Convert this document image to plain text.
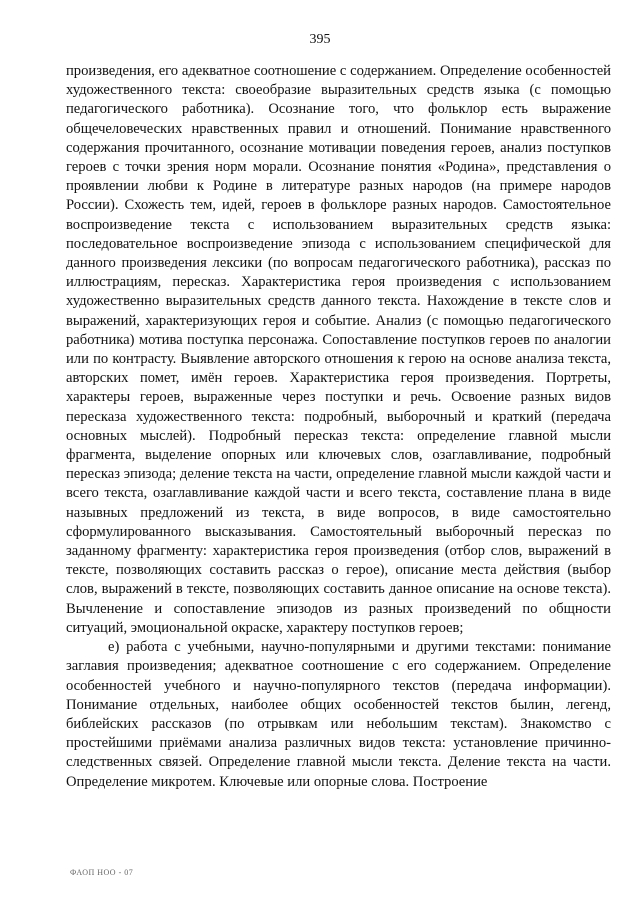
395

произведения, его адекватное соотношение с содержанием. Определение особенностей художественного текста: своеобразие выразительных средств языка (с помощью педагогического работника). Осознание того, что фольклор есть выражение общечеловеческих нравственных правил и отношений. Понимание нравственного содержания прочитанного, осознание мотивации поведения героев, анализ поступков героев с точки зрения норм морали. Осознание понятия «Родина», представления о проявлении любви к Родине в литературе разных народов (на примере народов России). Схожесть тем, идей, героев в фольклоре разных народов. Самостоятельное воспроизведение текста с использованием выразительных средств языка: последовательное воспроизведение эпизода с использованием специфической для данного произведения лексики (по вопросам педагогического работника), рассказ по иллюстрациям, пересказ. Характеристика героя произведения с использованием художественно выразительных средств данного текста. Нахождение в тексте слов и выражений, характеризующих героя и событие. Анализ (с помощью педагогического работника) мотива поступка персонажа. Сопоставление поступков героев по аналогии или по контрасту. Выявление авторского отношения к герою на основе анализа текста, авторских помет, имён героев. Характеристика героя произведения. Портреты, характеры героев, выраженные через поступки и речь. Освоение разных видов пересказа художественного текста: подробный, выборочный и краткий (передача основных мыслей). Подробный пересказ текста: определение главной мысли фрагмента, выделение опорных или ключевых слов, озаглавливание, подробный пересказ эпизода; деление текста на части, определение главной мысли каждой части и всего текста, озаглавливание каждой части и всего текста, составление плана в виде назывных предложений из текста, в виде вопросов, в виде самостоятельно сформулированного высказывания. Самостоятельный выборочный пересказ по заданному фрагменту: характеристика героя произведения (отбор слов, выражений в тексте, позволяющих составить рассказ о герое), описание места действия (выбор слов, выражений в тексте, позволяющих составить данное описание на основе текста). Вычленение и сопоставление эпизодов из разных произведений по общности ситуаций, эмоциональной окраске, характеру поступков героев;

е) работа с учебными, научно-популярными и другими текстами: понимание заглавия произведения; адекватное соотношение с его содержанием. Определение особенностей учебного и научно-популярного текстов (передача информации). Понимание отдельных, наиболее общих особенностей текстов былин, легенд, библейских рассказов (по отрывкам или небольшим текстам). Знакомство с простейшими приёмами анализа различных видов текста: установление причинно-следственных связей. Определение главной мысли текста. Деление текста на части. Определение микротем. Ключевые или опорные слова. Построение

ФАОП НОО - 07
